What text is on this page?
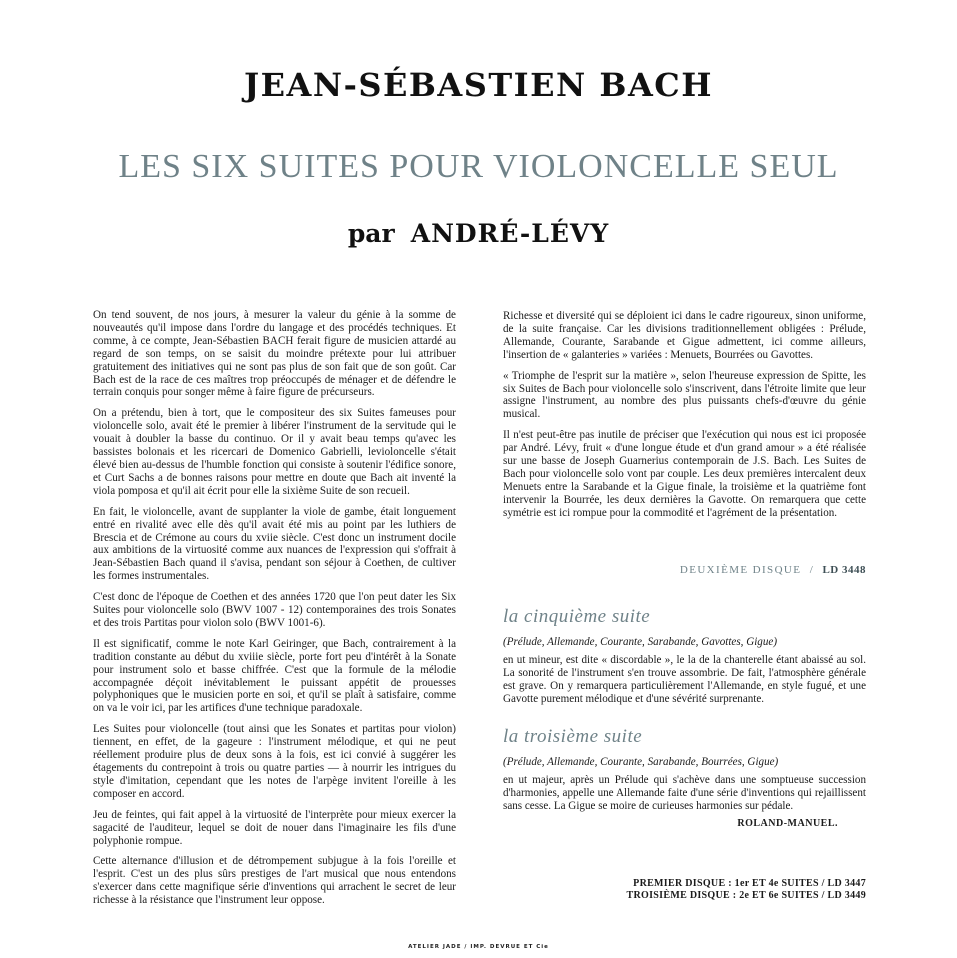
JEAN-SÉBASTIEN BACH
LES SIX SUITES POUR VIOLONCELLE SEUL
par ANDRÉ-LÉVY

On tend souvent, de nos jours, à mesurer la valeur du génie à la somme de nouveautés qu'il impose dans l'ordre du langage et des procédés techniques. Et comme, à ce compte, Jean-Sébastien BACH ferait figure de musicien attardé au regard de son temps, on se saisit du moindre prétexte pour lui attribuer gratuitement des initiatives qui ne sont pas plus de son fait que de son goût. Car Bach est de la race de ces maîtres trop préoccupés de ménager et de défendre le terrain conquis pour songer même à faire figure de précurseurs.

On a prétendu, bien à tort, que le compositeur des six Suites fameuses pour violoncelle solo, avait été le premier à libérer l'instrument de la servitude qui le vouait à doubler la basse du continuo. Or il y avait beau temps qu'avec les bassistes bolonais et les ricercari de Domenico Gabrielli, levioloncelle s'était élevé bien au-dessus de l'humble fonction qui consiste à soutenir l'édifice sonore, et Curt Sachs a de bonnes raisons pour mettre en doute que Bach ait inventé la viola pomposa et qu'il ait écrit pour elle la sixième Suite de son recueil.

En fait, le violoncelle, avant de supplanter la viole de gambe, était longuement entré en rivalité avec elle dès qu'il avait été mis au point par les luthiers de Brescia et de Crémone au cours du xviie siècle. C'est donc un instrument docile aux ambitions de la virtuosité comme aux nuances de l'expression qui s'offrait à Jean-Sébastien Bach quand il s'avisa, pendant son séjour à Coethen, de cultiver les formes instrumentales.

C'est donc de l'époque de Coethen et des années 1720 que l'on peut dater les Six Suites pour violoncelle solo (BWV 1007 - 12) contemporaines des trois Sonates et des trois Partitas pour violon solo (BWV 1001-6).

Il est significatif, comme le note Karl Geiringer, que Bach, contrairement à la tradition constante au début du xviiie siècle, porte fort peu d'intérêt à la Sonate pour instrument solo et basse chiffrée. C'est que la formule de la mélodie accompagnée déçoit inévitablement le puissant appétit de prouesses polyphoniques que le musicien porte en soi, et qu'il se plaît à satisfaire, comme on va le voir ici, par les artifices d'une technique paradoxale.

Les Suites pour violoncelle (tout ainsi que les Sonates et partitas pour violon) tiennent, en effet, de la gageure : l'instrument mélodique, et qui ne peut réellement produire plus de deux sons à la fois, est ici convié à suggérer les étagements du contrepoint à trois ou quatre parties — à nourrir les intrigues du style d'imitation, cependant que les notes de l'arpège invitent l'oreille à les composer en accord.

Jeu de feintes, qui fait appel à la virtuosité de l'interprète pour mieux exercer la sagacité de l'auditeur, lequel se doit de nouer dans l'imaginaire les fils d'une polyphonie rompue.

Cette alternance d'illusion et de détrompement subjugue à la fois l'oreille et l'esprit. C'est un des plus sûrs prestiges de l'art musical que nous entendons s'exercer dans cette magnifique série d'inventions qui arrachent le secret de leur richesse à la résistance que l'instrument leur oppose.

Richesse et diversité qui se déploient ici dans le cadre rigoureux, sinon uniforme, de la suite française. Car les divisions traditionnellement obligées : Prélude, Allemande, Courante, Sarabande et Gigue admettent, ici comme ailleurs, l'insertion de « galanteries » variées : Menuets, Bourrées ou Gavottes.

« Triomphe de l'esprit sur la matière », selon l'heureuse expression de Spitte, les six Suites de Bach pour violoncelle solo s'inscrivent, dans l'étroite limite que leur assigne l'instrument, au nombre des plus puissants chefs-d'œuvre du génie musical.

Il n'est peut-être pas inutile de préciser que l'exécution qui nous est ici proposée par André. Lévy, fruit « d'une longue étude et d'un grand amour » a été réalisée sur une basse de Joseph Guarnerius contemporain de J.S. Bach. Les Suites de Bach pour violoncelle solo vont par couple. Les deux premières intercalent deux Menuets entre la Sarabande et la Gigue finale, la troisième et la quatrième font intervenir la Bourrée, les deux dernières la Gavotte. On remarquera que cette symétrie est ici rompue pour la commodité et l'agrément de la présentation.

DEUXIÈME DISQUE / LD 3448
la cinquième suite
(Prélude, Allemande, Courante, Sarabande, Gavottes, Gigue)
en ut mineur, est dite « discordable », le la de la chanterelle étant abaissé au sol. La sonorité de l'instrument s'en trouve assombrie. De fait, l'atmosphère générale est grave. On y remarquera particulièrement l'Allemande, en style fugué, et une Gavotte purement mélodique et d'une sévérité surprenante.
la troisième suite
(Prélude, Allemande, Courante, Sarabande, Bourrées, Gigue)
en ut majeur, après un Prélude qui s'achève dans une somptueuse succession d'harmonies, appelle une Allemande faite d'une série d'inventions qui rejaillissent sans cesse. La Gigue se moire de curieuses harmonies sur pédale.
ROLAND-MANUEL.
PREMIER DISQUE : 1er ET 4e SUITES / LD 3447
TROISIÈME DISQUE : 2e ET 6e SUITES / LD 3449
ATELIER JADE / IMP. DEVRUE ET Cie
